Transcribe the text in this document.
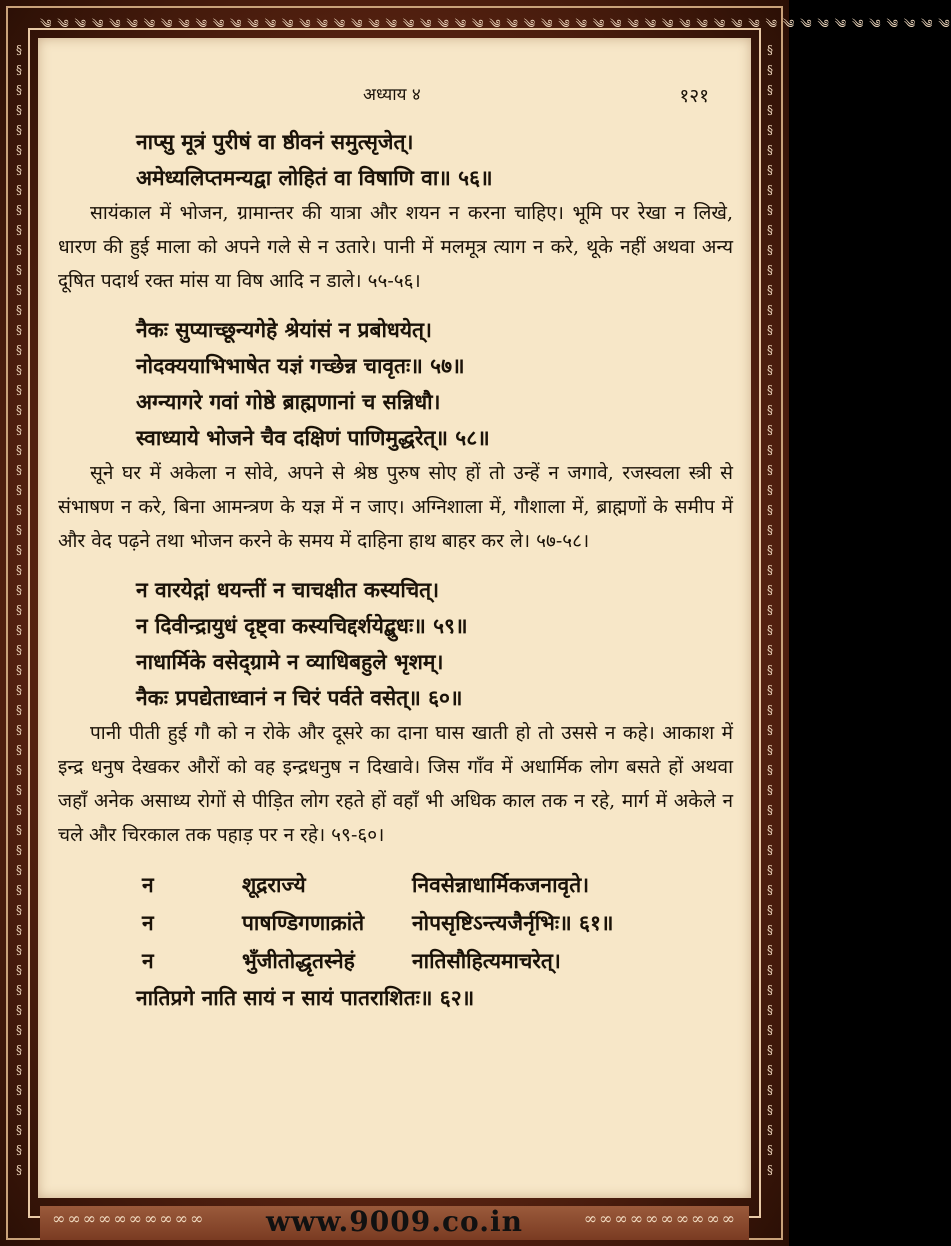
༄ ༄ ༄ ༄ ༄ ༄ ༄ ༄ ༄ ༄ ༄ ༄ ༄ ༄ ༄ ༄ ༄ ༄ ༄ ༄ ༄ ༄ ༄ ༄ ༄ ༄ ༄ ༄ ༄ ༄ ༄ ༄ ༄ ༄ ༄ ༄ ༄ ༄ ༄ ༄ ༄ ༄ ༄ ༄ ༄ ༄ ༄ ༄ ༄ ༄ ༄ ༄ ༄
§
§
§
§
§
§
§
§
§
§
§
§
§
§
§
§
§
§
§
§
§
§
§
§
§
§
§
§
§
§
§
§
§
§
§
§
§
§
§
§
§
§
§
§
§
§
§
§
§
§
§
§
§
§
§
§
§
§
§
§
§
§
§
§
§
§
§
§
§
§
§
§
§
§
§
§
§
§
§
§
§
§
§
§
§
§
§
§
§
§
§
§
§
§
§
§
§
§
§
§
§
§
§
§
§
§
§
§
§
§
§
§
§
§
अध्याय ४	१२१
नाप्सु मूत्रं पुरीषं वा ष्ठीवनं समुत्सृजेत्।
अमेध्यलिप्तमन्यद्वा लोहितं वा विषाणि वा॥ ५६॥

सायंकाल में भोजन, ग्रामान्तर की यात्रा और शयन न करना चाहिए। भूमि पर रेखा न लिखे, धारण की हुई माला को अपने गले से न उतारे। पानी में मलमूत्र त्याग न करे, थूके नहीं अथवा अन्य दूषित पदार्थ रक्त मांस या विष आदि न डाले। ५५-५६।

नैकः सुप्याच्छून्यगेहे श्रेयांसं न प्रबोधयेत्।
नोदक्ययाभिभाषेत यज्ञं गच्छेन्न चावृतः॥ ५७॥
अग्न्यागरे गवां गोष्ठे ब्राह्मणानां च सन्निधौ।
स्वाध्याये भोजने चैव दक्षिणं पाणिमुद्धरेत्॥ ५८॥

सूने घर में अकेला न सोवे, अपने से श्रेष्ठ पुरुष सोए हों तो उन्हें न जगावे, रजस्वला स्त्री से संभाषण न करे, बिना आमन्त्रण के यज्ञ में न जाए। अग्निशाला में, गौशाला में, ब्राह्मणों के समीप में और वेद पढ़ने तथा भोजन करने के समय में दाहिना हाथ बाहर कर ले। ५७-५८।

न वारयेद्गां धयन्तीं न चाचक्षीत कस्यचित्।
न दिवीन्द्रायुधं दृष्ट्वा कस्यचिद्दर्शयेद्बुधः॥ ५९॥
नाधार्मिके वसेद्ग्रामे न व्याधिबहुले भृशम्।
नैकः प्रपद्येताध्वानं न चिरं पर्वते वसेत्॥ ६०॥

पानी पीती हुई गौ को न रोके और दूसरे का दाना घास खाती हो तो उससे न कहे। आकाश में इन्द्र धनुष देखकर औरों को वह इन्द्रधनुष न दिखावे। जिस गाँव में अधार्मिक लोग बसते हों अथवा जहाँ अनेक असाध्य रोगों से पीड़ित लोग रहते हों वहाँ भी अधिक काल तक न रहे, मार्ग में अकेले न चले और चिरकाल तक पहाड़ पर न रहे। ५९-६०।

न	शूद्रराज्ये	निवसेन्नाधार्मिकजनावृते।
न	पाषण्डिगणाक्रांते	नोपसृष्टिऽन्त्यजैर्नृभिः॥ ६१॥
न	भुँजीतोद्धृतस्नेहं	नातिसौहित्यमाचरेत्।
नातिप्रगे नाति सायं न सायं पातराशितः॥ ६२॥
∞∞∞∞∞∞∞∞∞∞	∞∞∞∞∞∞∞∞∞∞
www.9009.co.in
